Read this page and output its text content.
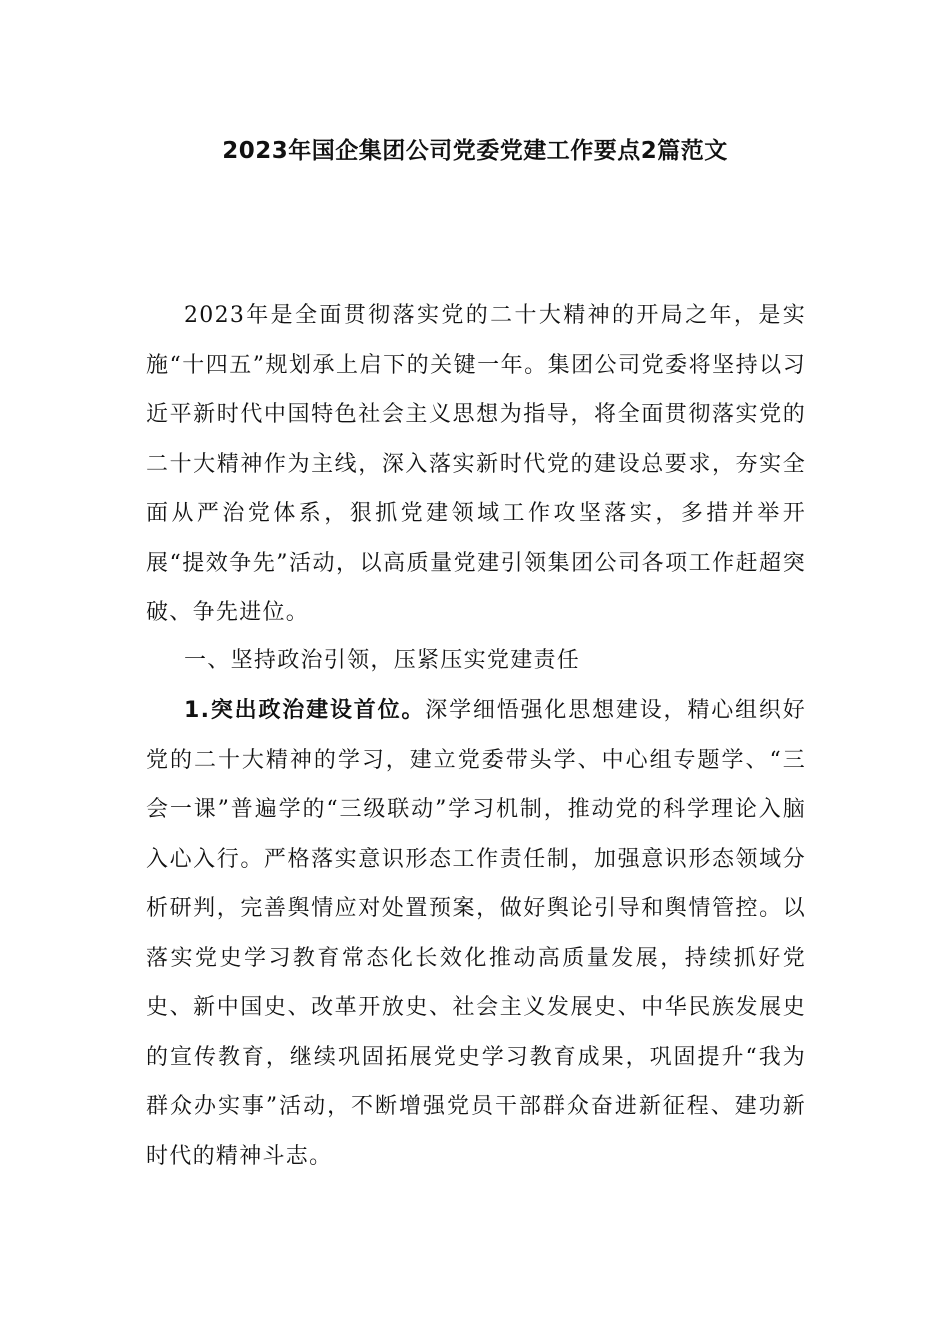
2023年国企集团公司党委党建工作要点2篇范文

2023年是全面贯彻落实党的二十大精神的开局之年，是实施“十四五”规划承上启下的关键一年。集团公司党委将坚持以习近平新时代中国特色社会主义思想为指导，将全面贯彻落实党的二十大精神作为主线，深入落实新时代党的建设总要求，夯实全面从严治党体系，狠抓党建领域工作攻坚落实，多措并举开展“提效争先”活动，以高质量党建引领集团公司各项工作赶超突破、争先进位。

一、坚持政治引领，压紧压实党建责任

1.突出政治建设首位。深学细悟强化思想建设，精心组织好党的二十大精神的学习，建立党委带头学、中心组专题学、“三会一课”普遍学的“三级联动”学习机制，推动党的科学理论入脑入心入行。严格落实意识形态工作责任制，加强意识形态领域分析研判，完善舆情应对处置预案，做好舆论引导和舆情管控。以落实党史学习教育常态化长效化推动高质量发展，持续抓好党史、新中国史、改革开放史、社会主义发展史、中华民族发展史的宣传教育，继续巩固拓展党史学习教育成果，巩固提升“我为群众办实事”活动，不断增强党员干部群众奋进新征程、建功新时代的精神斗志。
